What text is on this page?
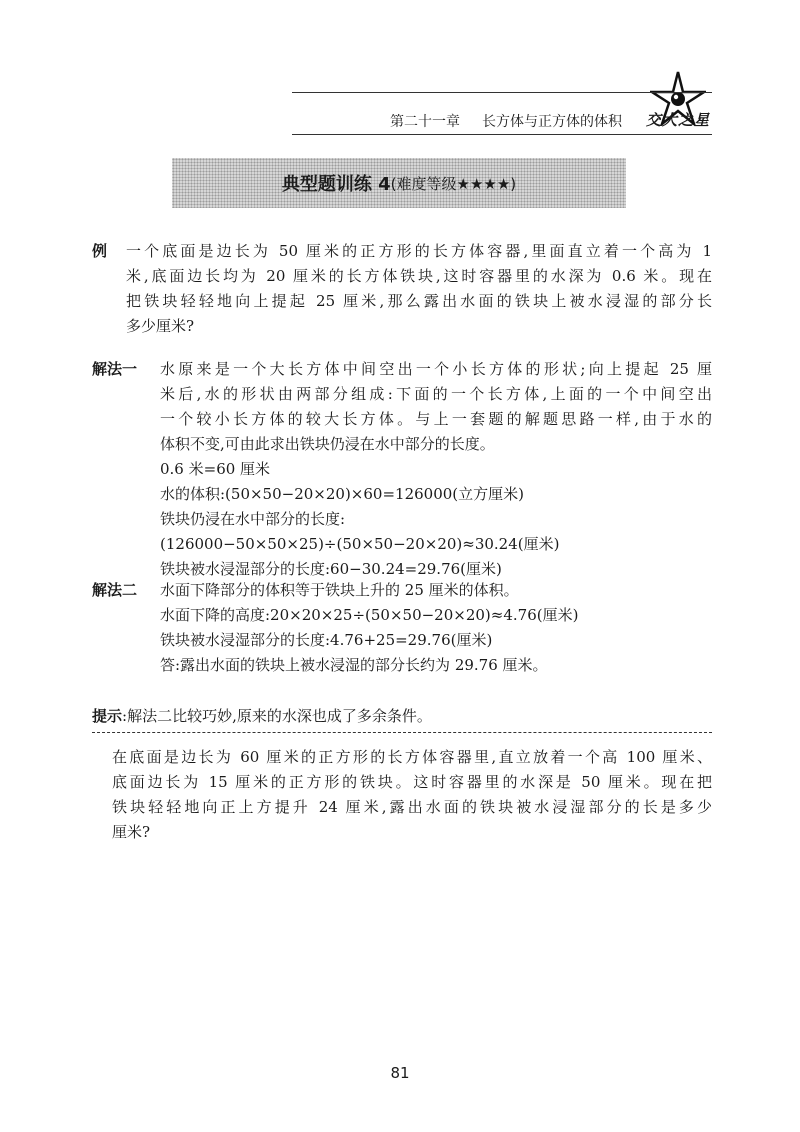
第二十一章 长方体与正方体的体积 交大之星
典型题训练 4 (难度等级★★★★)
例 一个底面是边长为 50 厘米的正方形的长方体容器,里面直立着一个高为 1
米,底面边长均为 20 厘米的长方体铁块,这时容器里的水深为 0.6 米。现在
把铁块轻轻地向上提起 25 厘米,那么露出水面的铁块上被水浸湿的部分长
多少厘米?
解法一 水原来是一个大长方体中间空出一个小长方体的形状;向上提起 25 厘
米后,水的形状由两部分组成:下面的一个长方体,上面的一个中间空出
一个较小长方体的较大长方体。与上一套题的解题思路一样,由于水的
体积不变,可由此求出铁块仍浸在水中部分的长度。
0.6 米=60 厘米
水的体积:(50×50−20×20)×60=126000(立方厘米)
铁块仍浸在水中部分的长度:
(126000−50×50×25)÷(50×50−20×20)≈30.24(厘米)
铁块被水浸湿部分的长度:60−30.24=29.76(厘米)
解法二 水面下降部分的体积等于铁块上升的 25 厘米的体积。
水面下降的高度:20×20×25÷(50×50−20×20)≈4.76(厘米)
铁块被水浸湿部分的长度:4.76+25=29.76(厘米)
答:露出水面的铁块上被水浸湿的部分长约为 29.76 厘米。
提示:解法二比较巧妙,原来的水深也成了多余条件。
在底面是边长为 60 厘米的正方形的长方体容器里,直立放着一个高 100 厘米、
底面边长为 15 厘米的正方形的铁块。这时容器里的水深是 50 厘米。现在把
铁块轻轻地向正上方提升 24 厘米,露出水面的铁块被水浸湿部分的长是多少
厘米?
81
